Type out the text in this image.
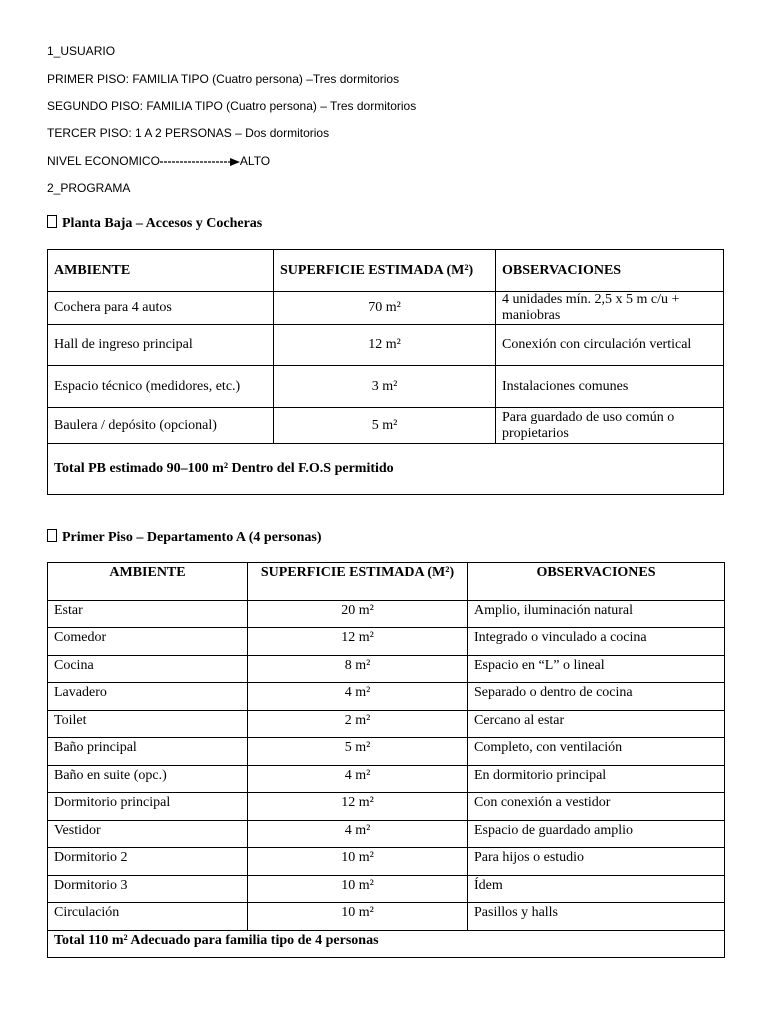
1_USUARIO
PRIMER PISO: FAMILIA TIPO (Cuatro persona) –Tres dormitorios
SEGUNDO PISO: FAMILIA TIPO (Cuatro persona) – Tres dormitorios
TERCER PISO: 1 A 2 PERSONAS – Dos dormitorios
NIVEL ECONOMICO	ALTO
2_PROGRAMA
Planta Baja – Accesos y Cocheras
AMBIENTE	SUPERFICIE ESTIMADA (M²)	OBSERVACIONES
Cochera para 4 autos	70 m²	4 unidades mín. 2,5 x 5 m c/u + maniobras
Hall de ingreso principal	12 m²	Conexión con circulación vertical
Espacio técnico (medidores, etc.)	3 m²	Instalaciones comunes
Baulera / depósito (opcional)	5 m²	Para guardado de uso común o propietarios
Total PB estimado 90–100 m² Dentro del F.O.S permitido		
Primer Piso – Departamento A (4 personas)
AMBIENTE	SUPERFICIE ESTIMADA (M²)	OBSERVACIONES
Estar	20 m²	Amplio, iluminación natural
Comedor	12 m²	Integrado o vinculado a cocina
Cocina	8 m²	Espacio en “L” o lineal
Lavadero	4 m²	Separado o dentro de cocina
Toilet	2 m²	Cercano al estar
Baño principal	5 m²	Completo, con ventilación
Baño en suite (opc.)	4 m²	En dormitorio principal
Dormitorio principal	12 m²	Con conexión a vestidor
Vestidor	4 m²	Espacio de guardado amplio
Dormitorio 2	10 m²	Para hijos o estudio
Dormitorio 3	10 m²	Ídem
Circulación	10 m²	Pasillos y halls
Total 110 m² Adecuado para familia tipo de 4 personas		
